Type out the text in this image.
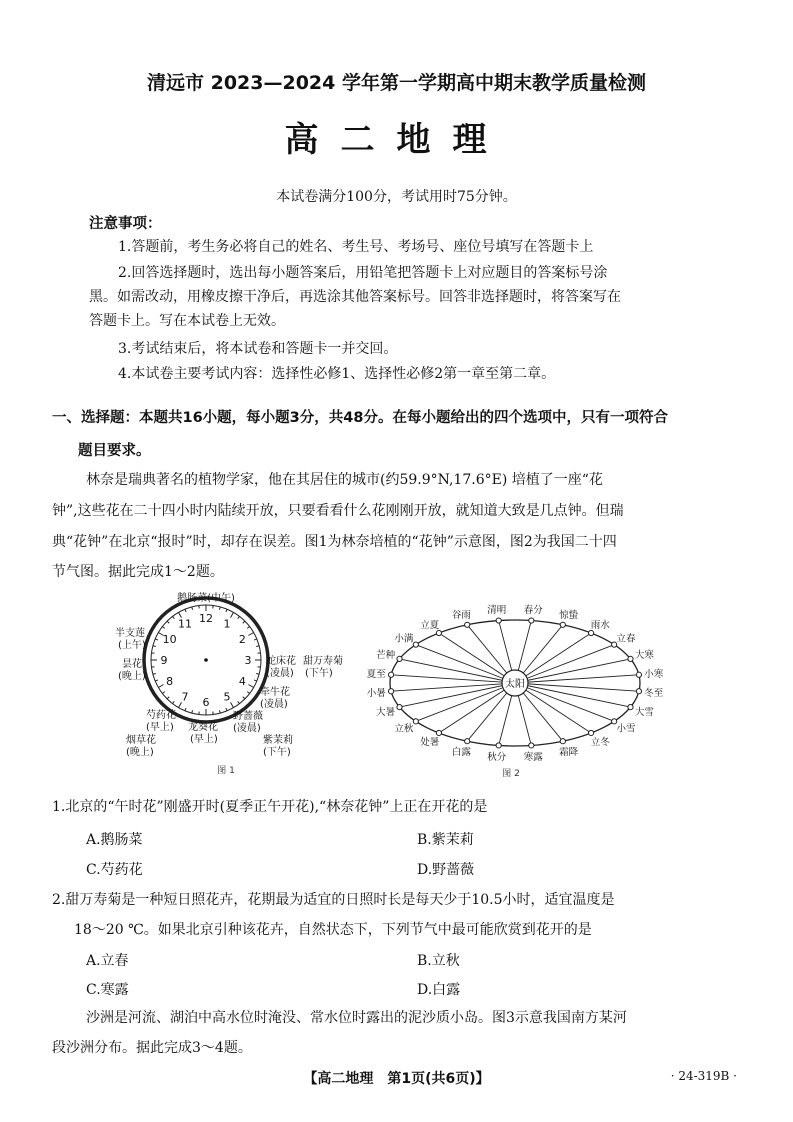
清远市 2023—2024 学年第一学期高中期末教学质量检测
高二地理
本试卷满分100分，考试用时75分钟。
注意事项：
1.答题前，考生务必将自己的姓名、考生号、考场号、座位号填写在答题卡上
2.回答选择题时，选出每小题答案后，用铅笔把答题卡上对应题目的答案标号涂
黑。如需改动，用橡皮擦干净后，再选涂其他答案标号。回答非选择题时，将答案写在
答题卡上。写在本试卷上无效。
3.考试结束后，将本试卷和答题卡一并交回。
4.本试卷主要考试内容：选择性必修1、选择性必修2第一章至第二章。
一、选择题：本题共16小题，每小题3分，共48分。在每小题给出的四个选项中，只有一项符合
题目要求。
林奈是瑞典著名的植物学家，他在其居住的城市(约59.9°N,17.6°E) 培植了一座“花
钟”,这些花在二十四小时内陆续开放，只要看看什么花刚刚开放，就知道大致是几点钟。但瑞
典“花钟”在北京“报时”时，却存在误差。图1为林奈培植的“花钟”示意图，图2为我国二十四
节气图。据此完成1～2题。
12 1
2
3
4
5
6
7
8
9
10
11
鹅肠菜(中午)
半支莲
(上午)
昙花
(晚上)
蛇床花
(凌晨)
甜万寿菊
(下午)
牵牛花
(凌晨)
野蔷薇
(凌晨)
芍药花
(早上) 龙葵花
(早上)
烟草花
(晚上)
紫茉莉
(下午)
图 1
谷雨 清明 春分 惊蛰
雨水
立春
大寒
小寒
冬至
大雪
小雪
立冬
霜降
寒露
秋分
白露
处暑
立秋
大暑
小暑
夏至
芒种
小满
立夏
太阳
图 2
1.北京的“午时花”刚盛开时(夏季正午开花),“林奈花钟”上正在开花的是
A.鹅肠菜	B.紫茉莉
C.芍药花	D.野蔷薇
2.甜万寿菊是一种短日照花卉，花期最为适宜的日照时长是每天少于10.5小时，适宜温度是
18～20 ℃。如果北京引种该花卉，自然状态下，下列节气中最可能欣赏到花开的是
A.立春	B.立秋
C.寒露	D.白露
沙洲是河流、湖泊中高水位时淹没、常水位时露出的泥沙质小岛。图3示意我国南方某河
段沙洲分布。据此完成3～4题。
【高二地理　第1页(共6页)】	· 24-319B ·
